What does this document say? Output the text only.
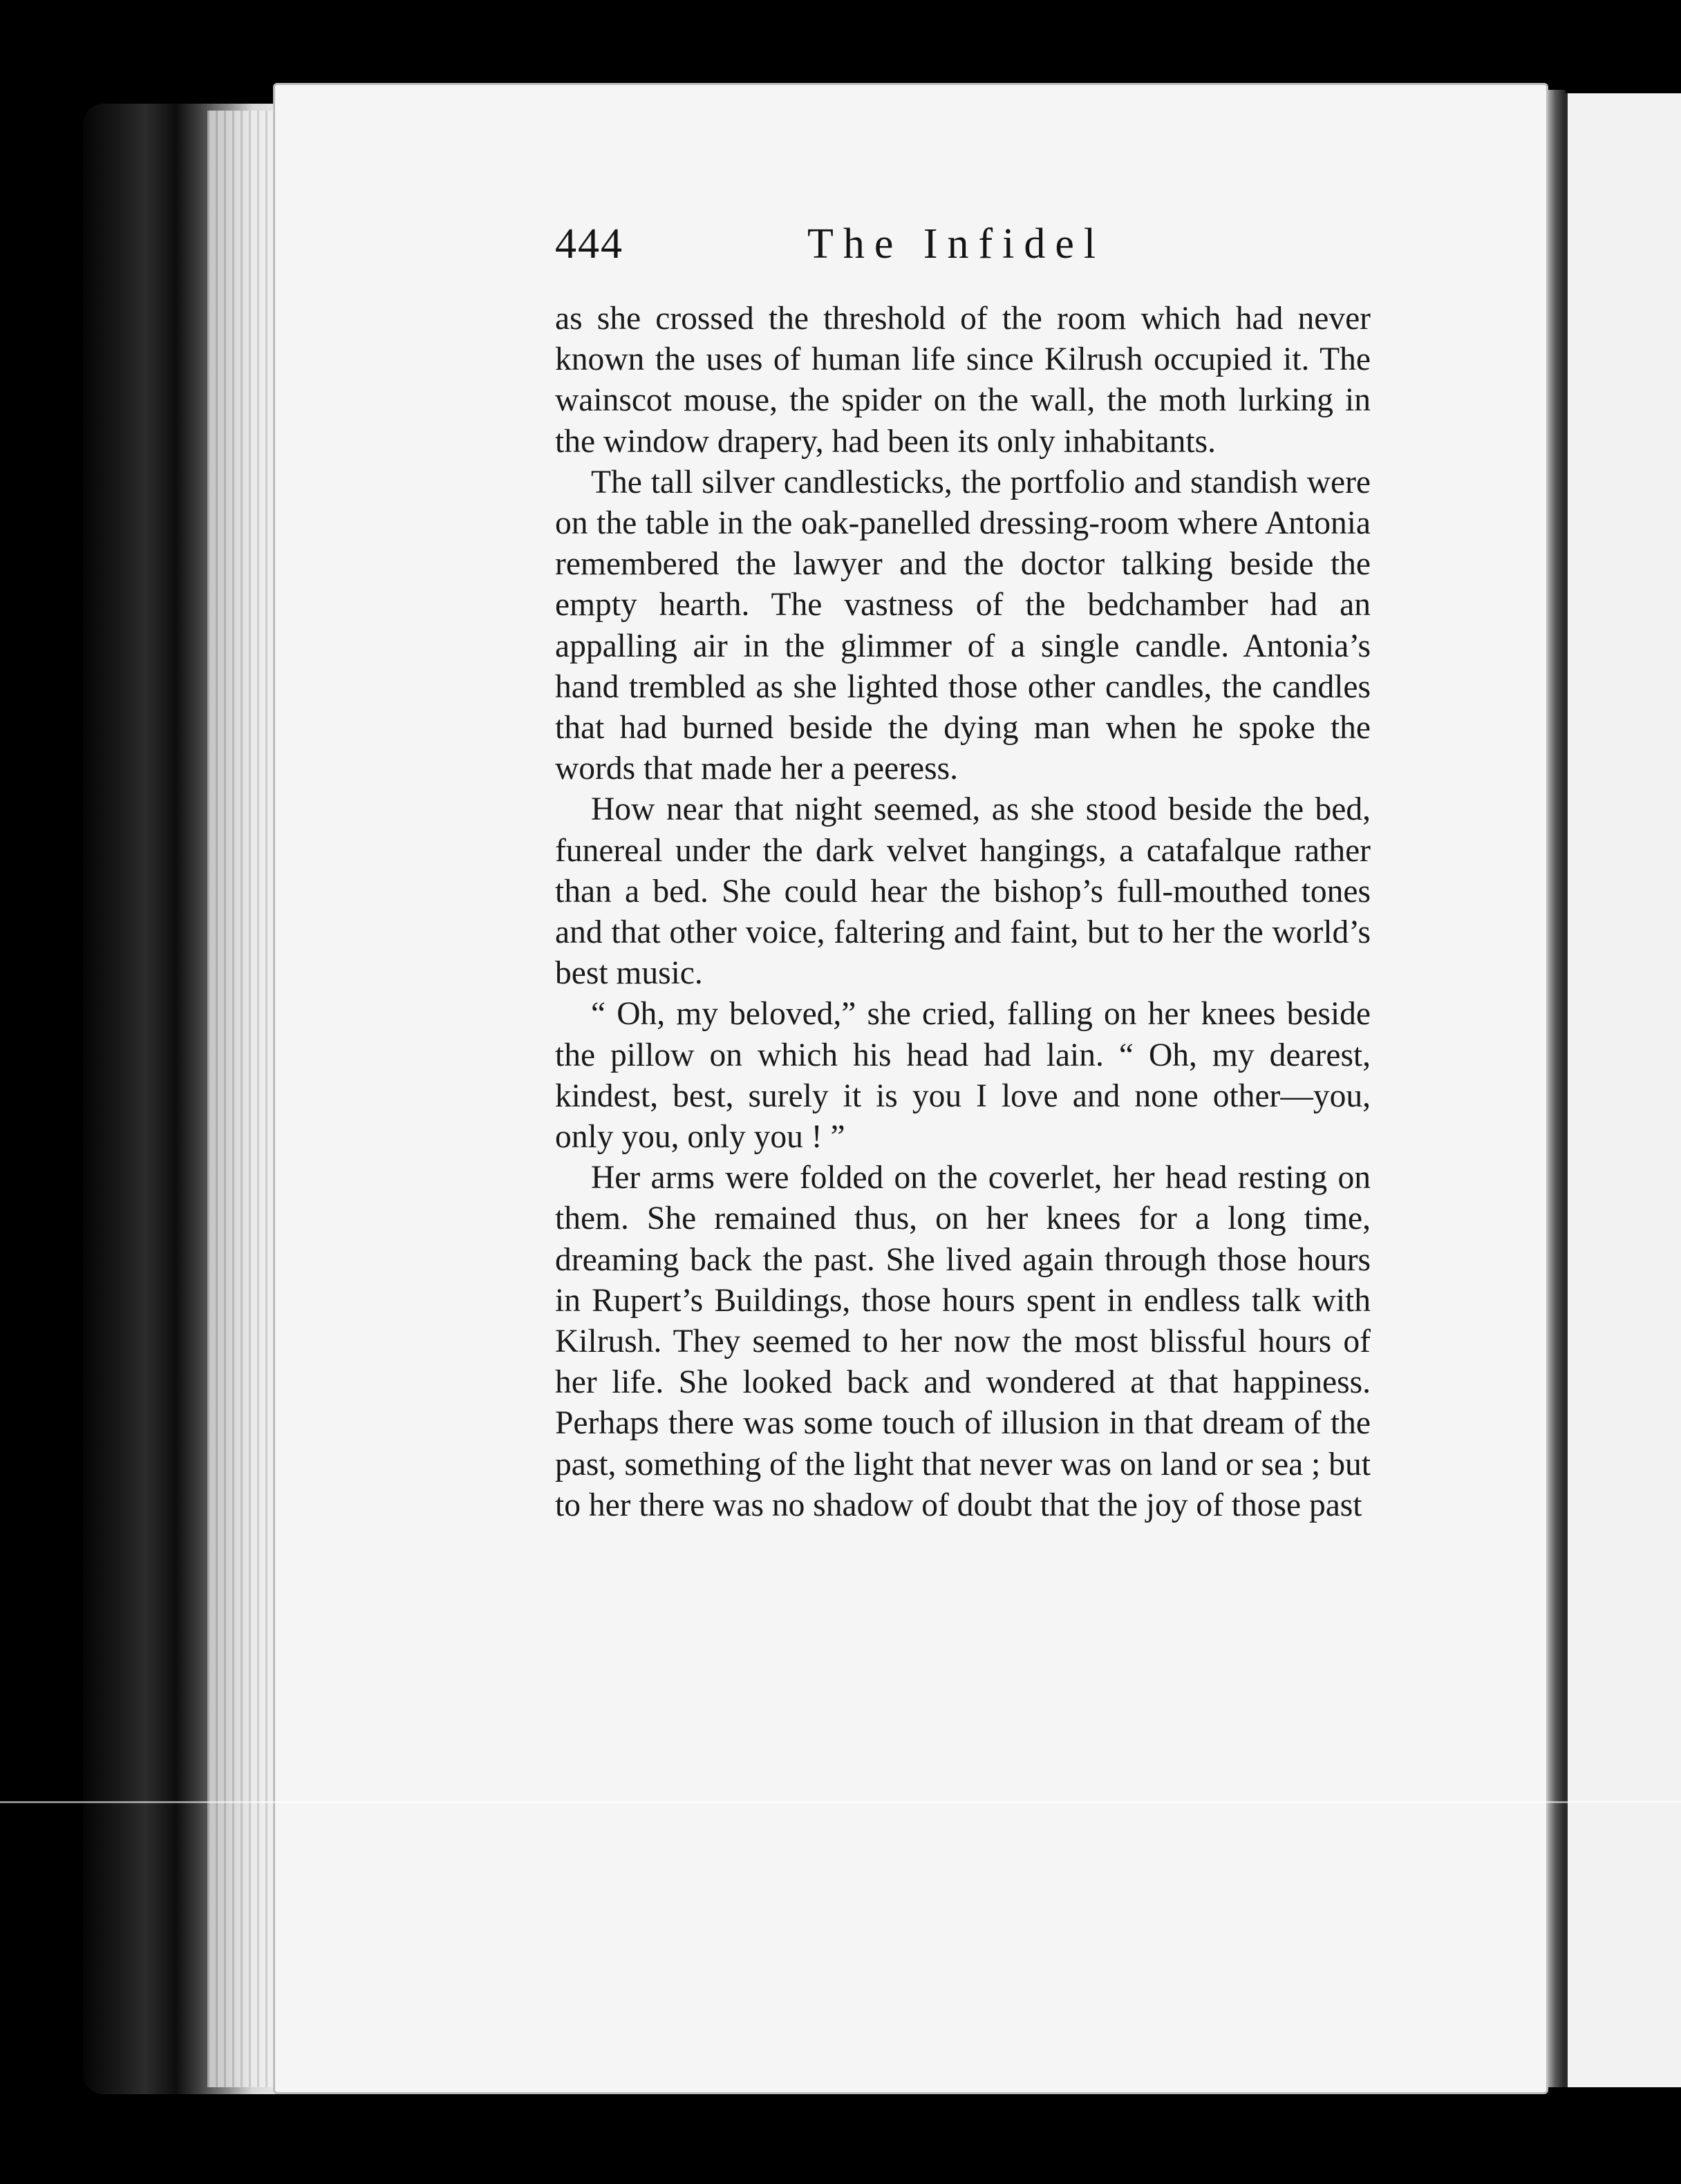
444	The Infidel

as she crossed the threshold of the room which had never known the uses of human life since Kilrush occupied it. The wainscot mouse, the spider on the wall, the moth lurking in the window drapery, had been its only inhabitants.

The tall silver candlesticks, the portfolio and standish were on the table in the oak-panelled dressing-room where Antonia remembered the lawyer and the doctor talking beside the empty hearth. The vastness of the bedchamber had an appalling air in the glimmer of a single candle. Antonia’s hand trembled as she lighted those other candles, the candles that had burned beside the dying man when he spoke the words that made her a peeress.

How near that night seemed, as she stood beside the bed, funereal under the dark velvet hangings, a catafalque rather than a bed. She could hear the bishop’s full-mouthed tones and that other voice, faltering and faint, but to her the world’s best music.

“ Oh, my beloved,” she cried, falling on her knees beside the pillow on which his head had lain. “ Oh, my dearest, kindest, best, surely it is you I love and none other—you, only you, only you ! ”

Her arms were folded on the coverlet, her head resting on them. She remained thus, on her knees for a long time, dreaming back the past. She lived again through those hours in Rupert’s Buildings, those hours spent in endless talk with Kilrush. They seemed to her now the most blissful hours of her life. She looked back and wondered at that happiness. Perhaps there was some touch of illusion in that dream of the past, something of the light that never was on land or sea ; but to her there was no shadow of doubt that the joy of those past
